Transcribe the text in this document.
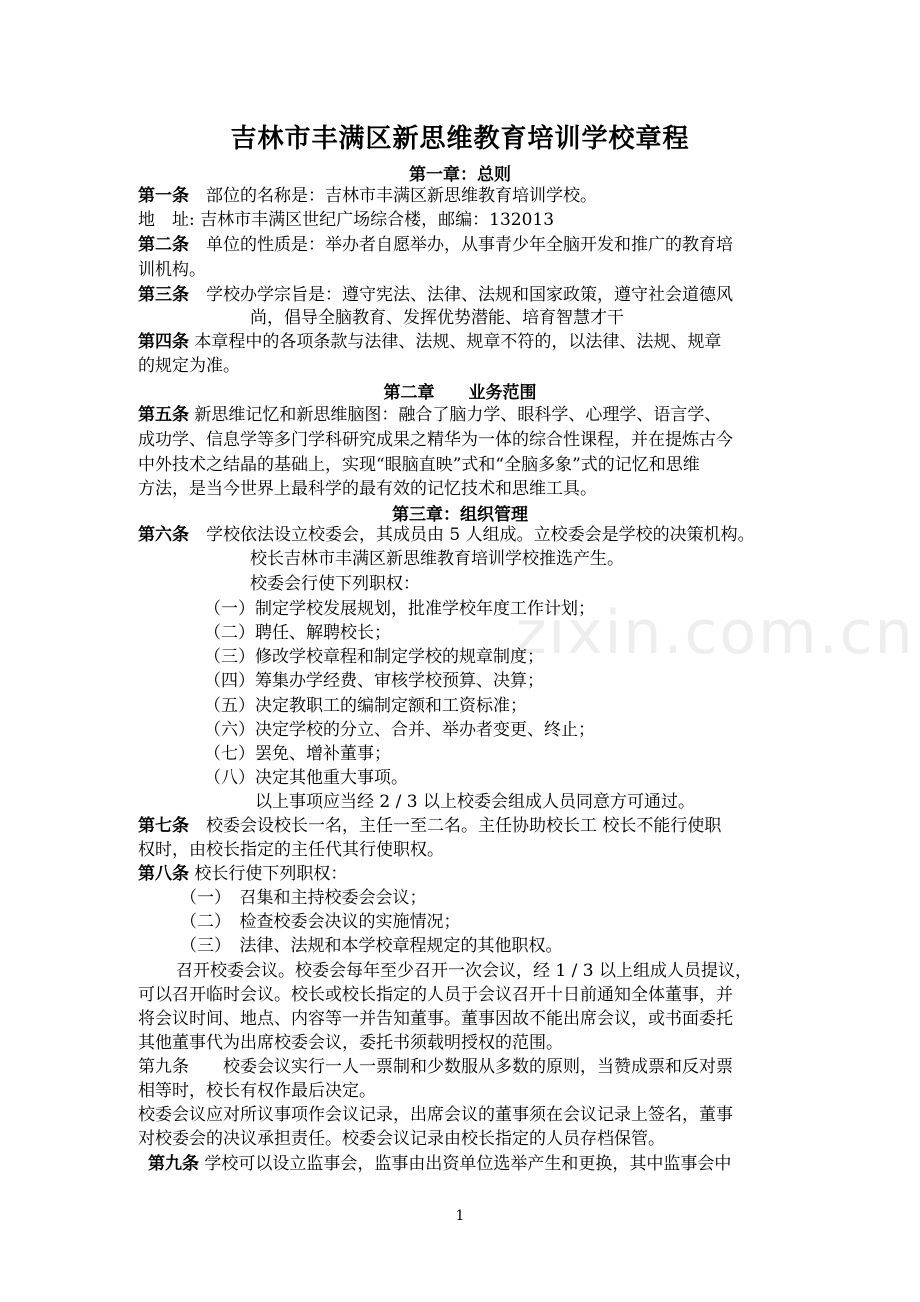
zixin.com.cn
吉林市丰满区新思维教育培训学校章程
第一章：总则
第一条　 部位的名称是：吉林市丰满区新思维教育培训学校。
地　址: 吉林市丰满区世纪广场综合楼，邮编：132013
第二条　 单位的性质是：举办者自愿举办，从事青少年全脑开发和推广的教育培
训机构。
第三条　 学校办学宗旨是：遵守宪法、法律、法规和国家政策，遵守社会道德风
尚，倡导全脑教育、发挥优势潜能、培育智慧才干
第四条 本章程中的各项条款与法律、法规、规章不符的，以法律、法规、规章
的规定为准。
第二章　　业务范围
第五条 新思维记忆和新思维脑图：融合了脑力学、眼科学、心理学、语言学、
成功学、信息学等多门学科研究成果之精华为一体的综合性课程，并在提炼古今
中外技术之结晶的基础上，实现“眼脑直映”式和“全脑多象”式的记忆和思维
方法，是当今世界上最科学的最有效的记忆技术和思维工具。
第三章：组织管理
第六条　 学校依法设立校委会，其成员由 5 人组成。立校委会是学校的决策机构。
校长吉林市丰满区新思维教育培训学校推选产生。
校委会行使下列职权：
（一）制定学校发展规划，批准学校年度工作计划；
（二）聘任、解聘校长；
（三）修改学校章程和制定学校的规章制度；
（四）筹集办学经费、审核学校预算、决算；
（五）决定教职工的编制定额和工资标准；
（六）决定学校的分立、合并、举办者变更、终止；
（七）罢免、增补董事；
（八）决定其他重大事项。
以上事项应当经 2 / 3 以上校委会组成人员同意方可通过。
第七条　 校委会设校长一名，主任一至二名。主任协助校长工 校长不能行使职
权时，由校长指定的主任代其行使职权。
第八条 校长行使下列职权：
（一）　召集和主持校委会会议；
（二）　检查校委会决议的实施情况；
（三）　法律、法规和本学校章程规定的其他职权。
召开校委会议。校委会每年至少召开一次会议，经 1 / 3 以上组成人员提议，
可以召开临时会议。校长或校长指定的人员于会议召开十日前通知全体董事，并
将会议时间、地点、内容等一并告知董事。董事因故不能出席会议，或书面委托
其他董事代为出席校委会议，委托书须载明授权的范围。
第九条　　 校委会议实行一人一票制和少数服从多数的原则，当赞成票和反对票
相等时，校长有权作最后决定。
校委会议应对所议事项作会议记录，出席会议的董事须在会议记录上签名，董事
对校委会的决议承担责任。校委会议记录由校长指定的人员存档保管。
第九条 学校可以设立监事会，监事由出资单位选举产生和更换，其中监事会中
1
